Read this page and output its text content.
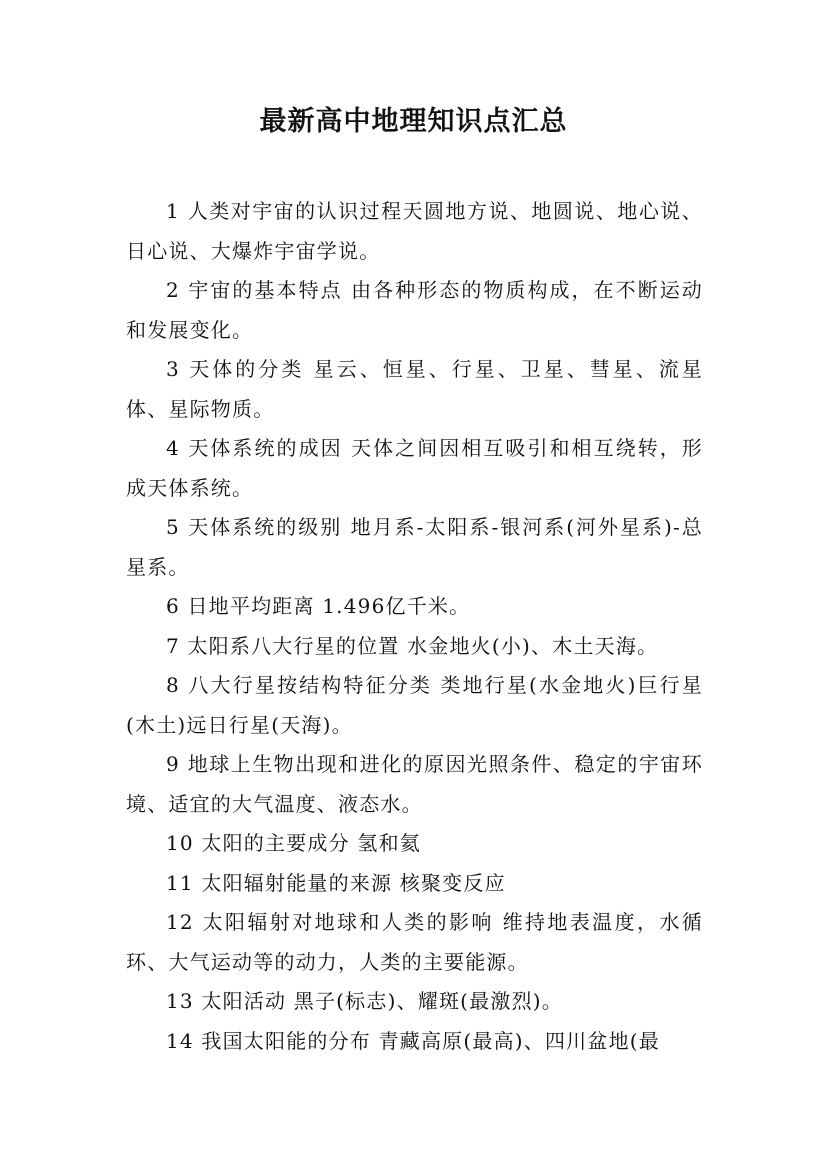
最新高中地理知识点汇总

1 人类对宇宙的认识过程天圆地方说、地圆说、地心说、日心说、大爆炸宇宙学说。

2 宇宙的基本特点 由各种形态的物质构成，在不断运动和发展变化。

3 天体的分类 星云、恒星、行星、卫星、彗星、流星体、星际物质。

4 天体系统的成因 天体之间因相互吸引和相互绕转，形成天体系统。

5 天体系统的级别 地月系-太阳系-银河系(河外星系)-总星系。

6 日地平均距离 1.496亿千米。

7 太阳系八大行星的位置 水金地火(小)、木土天海。

8 八大行星按结构特征分类 类地行星(水金地火)巨行星(木土)远日行星(天海)。

9 地球上生物出现和进化的原因光照条件、稳定的宇宙环境、适宜的大气温度、液态水。

10 太阳的主要成分 氢和氦

11 太阳辐射能量的来源 核聚变反应

12 太阳辐射对地球和人类的影响 维持地表温度，水循环、大气运动等的动力，人类的主要能源。

13 太阳活动 黑子(标志)、耀斑(最激烈)。

14 我国太阳能的分布 青藏高原(最高)、四川盆地(最
